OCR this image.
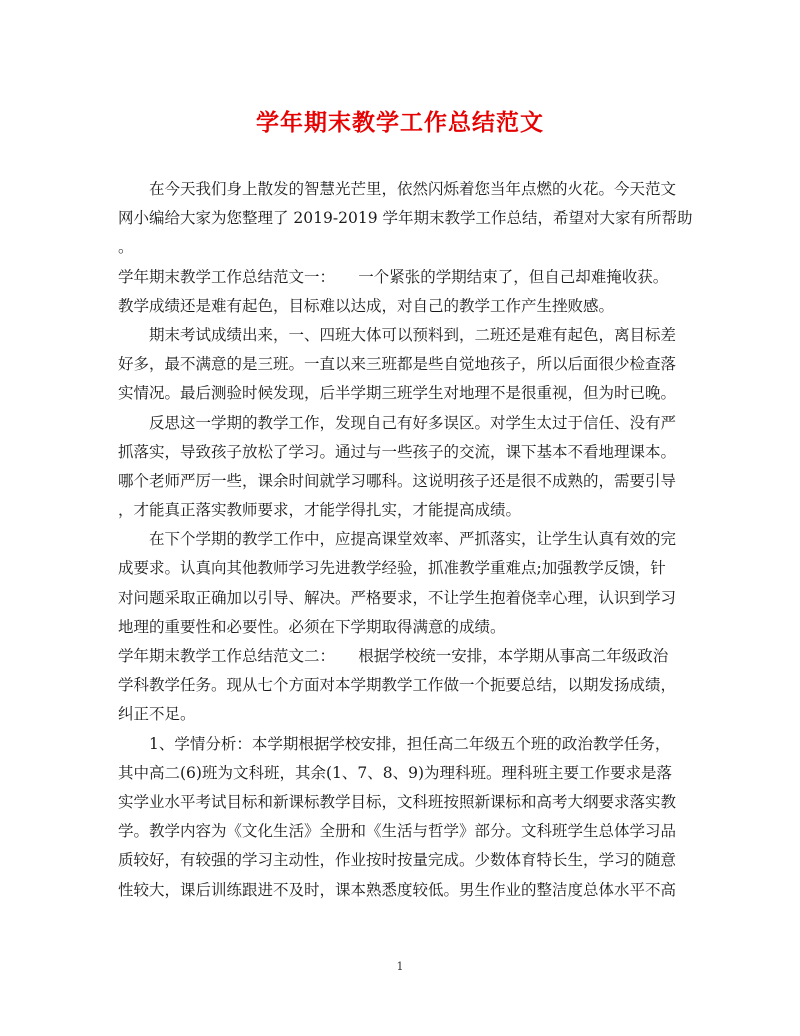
学年期末教学工作总结范文
　　在今天我们身上散发的智慧光芒里，依然闪烁着您当年点燃的火花。今天范文
网小编给大家为您整理了 2019-2019 学年期末教学工作总结，希望对大家有所帮助
。
学年期末教学工作总结范文一：　　一个紧张的学期结束了，但自己却难掩收获。
教学成绩还是难有起色，目标难以达成，对自己的教学工作产生挫败感。
　　期末考试成绩出来，一、四班大体可以预料到，二班还是难有起色，离目标差
好多，最不满意的是三班。一直以来三班都是些自觉地孩子，所以后面很少检查落
实情况。最后测验时候发现，后半学期三班学生对地理不是很重视，但为时已晚。
　　反思这一学期的教学工作，发现自己有好多误区。对学生太过于信任、没有严
抓落实，导致孩子放松了学习。通过与一些孩子的交流，课下基本不看地理课本。
哪个老师严厉一些，课余时间就学习哪科。这说明孩子还是很不成熟的，需要引导
，才能真正落实教师要求，才能学得扎实，才能提高成绩。
　　在下个学期的教学工作中，应提高课堂效率、严抓落实，让学生认真有效的完
成要求。认真向其他教师学习先进教学经验，抓准教学重难点;加强教学反馈，针
对问题采取正确加以引导、解决。严格要求，不让学生抱着侥幸心理，认识到学习
地理的重要性和必要性。必须在下学期取得满意的成绩。
学年期末教学工作总结范文二：　　根据学校统一安排，本学期从事高二年级政治
学科教学任务。现从七个方面对本学期教学工作做一个扼要总结，以期发扬成绩，
纠正不足。
　　1、学情分析：本学期根据学校安排，担任高二年级五个班的政治教学任务，
其中高二(6)班为文科班，其余(1、7、8、9)为理科班。理科班主要工作要求是落
实学业水平考试目标和新课标教学目标，文科班按照新课标和高考大纲要求落实教
学。教学内容为《文化生活》全册和《生活与哲学》部分。文科班学生总体学习品
质较好，有较强的学习主动性，作业按时按量完成。少数体育特长生，学习的随意
性较大，课后训练跟进不及时，课本熟悉度较低。男生作业的整洁度总体水平不高
1
